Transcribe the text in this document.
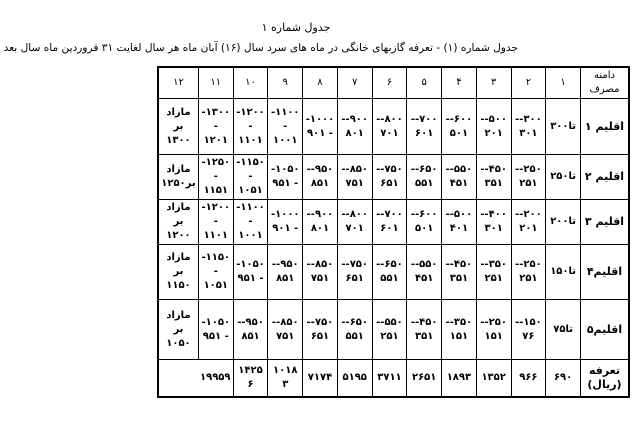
جدول شماره ۱
جدول شماره (۱) - تعرفه گازبهای خانگی در ماه های سرد سال (۱۶) آبان ماه هر سال لغایت ۳۱ فروردین ماه سال بعد
دامنه مصرف	۱	۲	۳	۴	۵	۶	۷	۸	۹	۱۰	۱۱	۱۲
اقلیم ۱	تا۳۰۰	۳۰۰-- ۳۰۱	۵۰۰-- ۲۰۱	۶۰۰-- ۵۰۱	۷۰۰-- ۶۰۱	۸۰۰-- ۷۰۱	۹۰۰-- ۸۰۱	۱۰۰۰-- ۹۰۱	۱۱۰۰-- ۱۰۰۱	۱۲۰۰-- ۱۱۰۱	۱۳۰۰-- ۱۲۰۱	مازاد بر ۱۳۰۰
اقلیم ۲	تا۲۵۰	۲۵۰-- ۲۵۱	۴۵۰-- ۳۵۱	۵۵۰-- ۴۵۱	۶۵۰-- ۵۵۱	۷۵۰-- ۶۵۱	۸۵۰-- ۷۵۱	۹۵۰-- ۸۵۱	۱۰۵۰-- ۹۵۱	۱۱۵۰-- ۱۰۵۱	۱۲۵۰-- ۱۱۵۱	مازاد بر۱۲۵۰
اقلیم ۳	تا۲۰۰	۲۰۰-- ۲۰۱	۴۰۰-- ۳۰۱	۵۰۰-- ۴۰۱	۶۰۰-- ۵۰۱	۷۰۰-- ۶۰۱	۸۰۰-- ۷۰۱	۹۰۰-- ۸۰۱	۱۰۰۰-- ۹۰۱	۱۱۰۰-- ۱۰۰۱	۱۲۰۰-- ۱۱۰۱	مازاد بر ۱۲۰۰
اقلیم۴	تا۱۵۰	۲۵۰-- ۲۵۱	۳۵۰-- ۲۵۱	۴۵۰-- ۳۵۱	۵۵۰-- ۴۵۱	۶۵۰-- ۵۵۱	۷۵۰-- ۶۵۱	۸۵۰-- ۷۵۱	۹۵۰-- ۸۵۱	۱۰۵۰-- ۹۵۱	۱۱۵۰-- ۱۰۵۱	مازاد بر ۱۱۵۰
اقلیم۵	تا۷۵	۱۵۰-- ۷۶	۲۵۰-- ۱۵۱	۳۵۰-- ۱۵۱	۴۵۰-- ۳۵۱	۵۵۰-- ۲۵۱	۶۵۰-- ۵۵۱	۷۵۰-- ۶۵۱	۸۵۰-- ۷۵۱	۹۵۰-- ۸۵۱	۱۰۵۰-- ۹۵۱	مازاد بر ۱۰۵۰
تعرفه (ریال)	۶۹۰	۹۶۶	۱۳۵۲	۱۸۹۳	۲۶۵۱	۳۷۱۱	۵۱۹۵	۷۱۷۴	۱۰۱۸۳	۱۴۲۵۶	۱۹۹۵۹	
